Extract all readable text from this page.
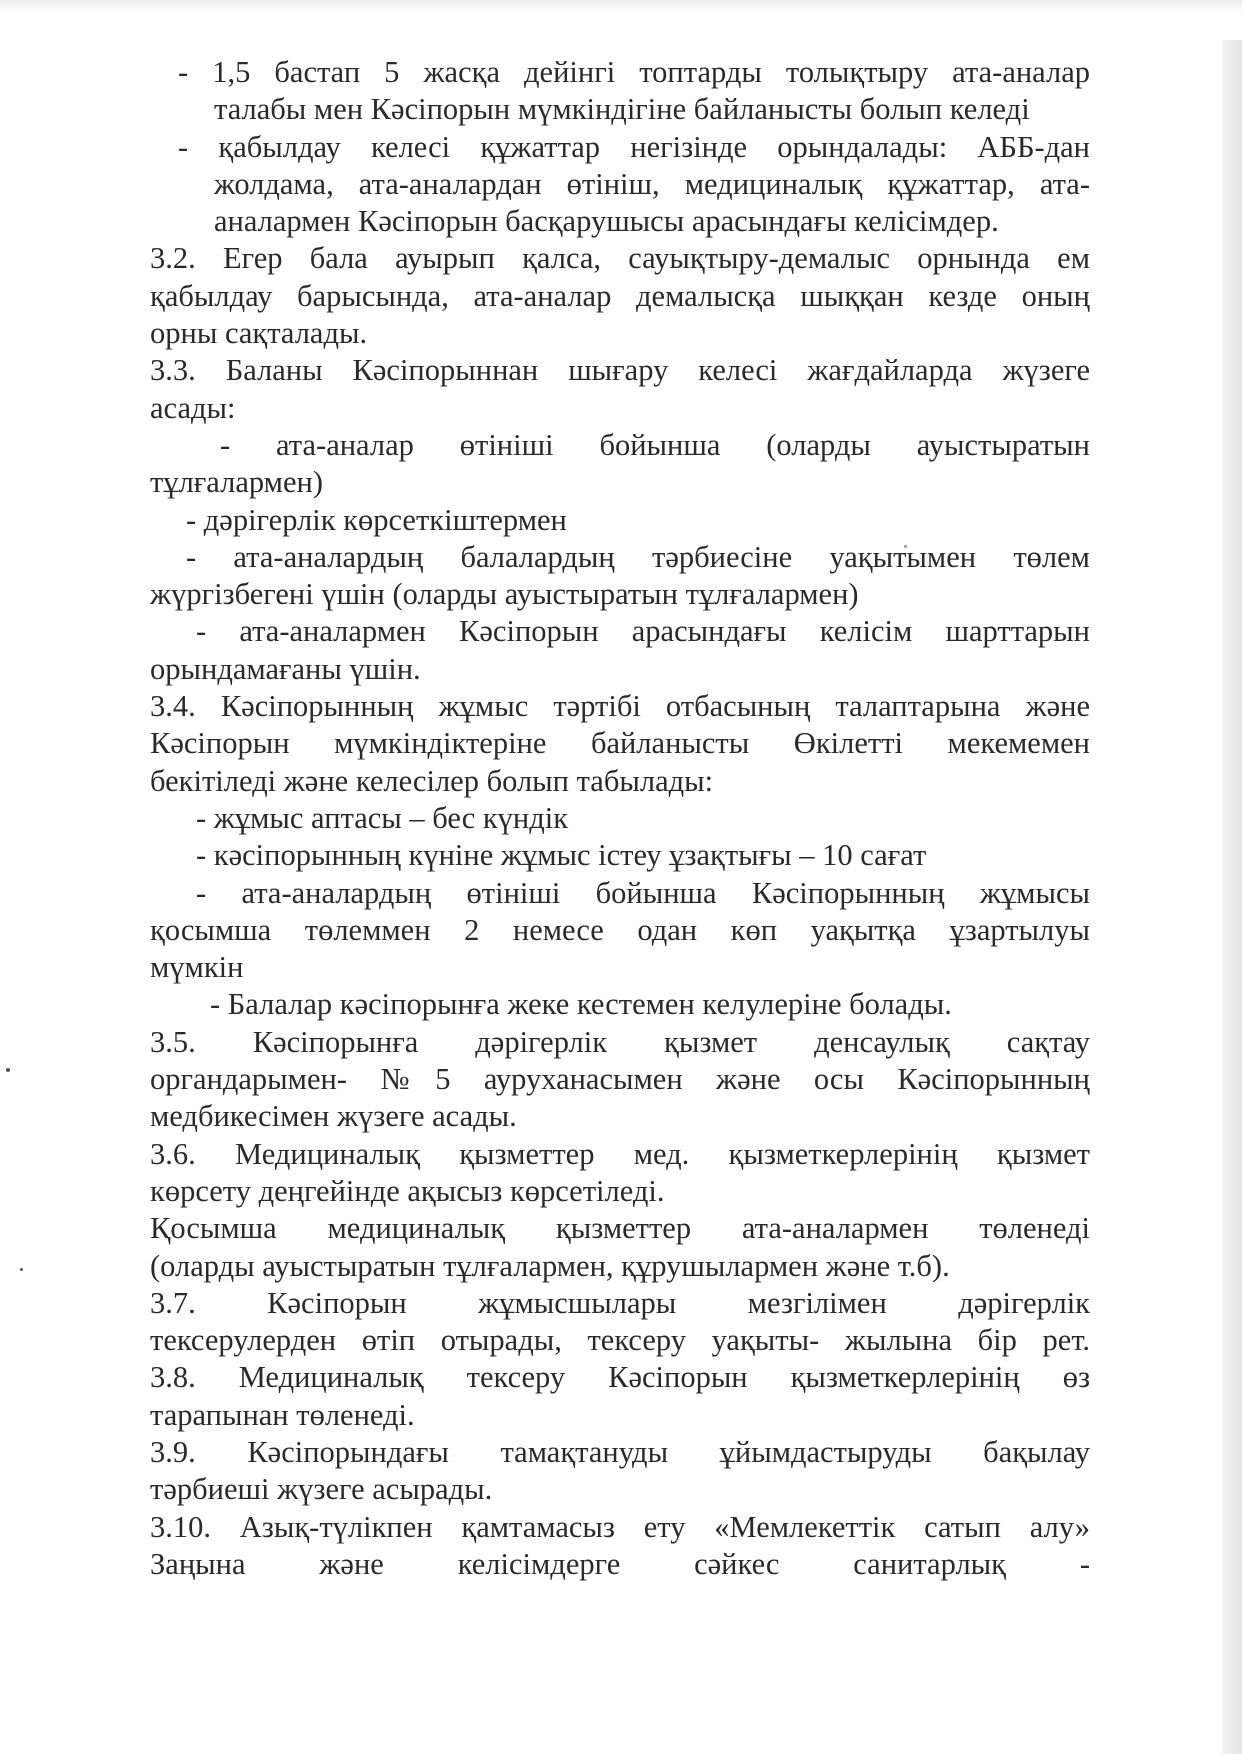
- 1,5 бастап 5 жасқа дейінгі топтарды толықтыру ата-аналар
талабы мен Кәсіпорын мүмкіндігіне байланысты болып келеді
- қабылдау келесі құжаттар негізінде орындалады: АББ-дан
жолдама, ата-аналардан өтініш, медициналық құжаттар, ата-
аналармен Кәсіпорын басқарушысы арасындағы келісімдер.
3.2. Егер бала ауырып қалса, сауықтыру-демалыс орнында ем
қабылдау барысында, ата-аналар демалысқа шыққан кезде оның
орны сақталады.
3.3. Баланы Кәсіпорыннан шығару келесі жағдайларда жүзеге
асады:
- ата-аналар өтініші бойынша (оларды ауыстыратын
тұлғалармен)
- дәрігерлік көрсеткіштермен
- ата-аналардың балалардың тәрбиесіне уақытымен төлем
жүргізбегені үшін (оларды ауыстыратын тұлғалармен)
- ата-аналармен Кәсіпорын арасындағы келісім шарттарын
орындамағаны үшін.
3.4. Кәсіпорынның жұмыс тәртібі отбасының талаптарына және
Кәсіпорын мүмкіндіктеріне байланысты Өкілетті мекемемен
бекітіледі және келесілер болып табылады:
- жұмыс аптасы – бес күндік
- кәсіпорынның күніне жұмыс істеу ұзақтығы – 10 сағат
- ата-аналардың өтініші бойынша Кәсіпорынның жұмысы
қосымша төлеммен 2 немесе одан көп уақытқа ұзартылуы
мүмкін
- Балалар кәсіпорынға жеке кестемен келулеріне болады.
3.5. Кәсіпорынға дәрігерлік қызмет денсаулық сақтау
органдарымен- №5 ауруханасымен және осы Кәсіпорынның
медбикесімен жүзеге асады.
3.6. Медициналық қызметтер мед. қызметкерлерінің қызмет
көрсету деңгейінде ақысыз көрсетіледі.
Қосымша медициналық қызметтер ата-аналармен төленеді
(оларды ауыстыратын тұлғалармен, құрушылармен және т.б).
3.7. Кәсіпорын жұмысшылары мезгілімен дәрігерлік
тексерулерден өтіп отырады, тексеру уақыты- жылына бір рет.
3.8. Медициналық тексеру Кәсіпорын қызметкерлерінің өз
тарапынан төленеді.
3.9. Кәсіпорындағы тамақтануды ұйымдастыруды бақылау
тәрбиеші жүзеге асырады.
3.10. Азық-түлікпен қамтамасыз ету «Мемлекеттік сатып алу»
Заңына және келісімдерге сәйкес санитарлық -
